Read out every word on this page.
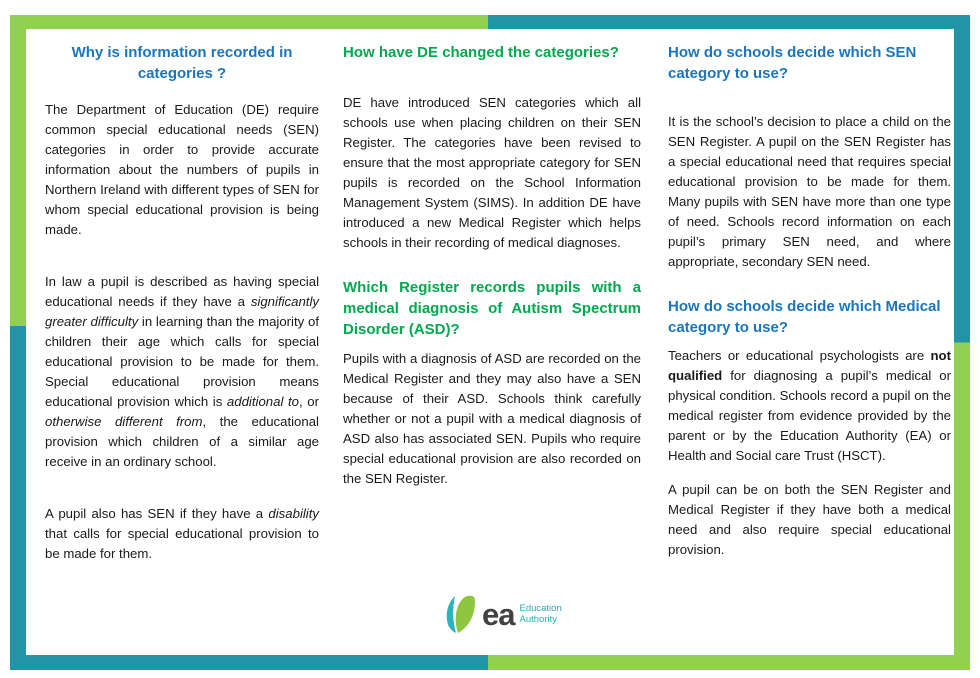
Why is information recorded in categories ?

The Department of Education (DE) require common special educational needs (SEN) categories in order to provide accurate information about the numbers of pupils in Northern Ireland with different types of SEN for whom special educational provision is being made.

In law a pupil is described as having special educational needs if they have a significantly greater difficulty in learning than the majority of children their age which calls for special educational provision to be made for them. Special educational provision means educational provision which is additional to, or otherwise different from, the educational provision which children of a similar age receive in an ordinary school.

A pupil also has SEN if they have a disability that calls for special educational provision to be made for them.

How have DE changed the categories?

DE have introduced SEN categories which all schools use when placing children on their SEN Register. The categories have been revised to ensure that the most appropriate category for SEN pupils is recorded on the School Information Management System (SIMS). In addition DE have introduced a new Medical Register which helps schools in their recording of medical diagnoses.

Which Register records pupils with a medical diagnosis of Autism Spectrum Disorder (ASD)?

Pupils with a diagnosis of ASD are recorded on the Medical Register and they may also have a SEN because of their ASD. Schools think carefully whether or not a pupil with a medical diagnosis of ASD also has associated SEN. Pupils who require special educational provision are also recorded on the SEN Register.

How do schools decide which SEN category to use?

It is the school’s decision to place a child on the SEN Register. A pupil on the SEN Register has a special educational need that requires special educational provision to be made for them. Many pupils with SEN have more than one type of need. Schools record information on each pupil’s primary SEN need, and where appropriate, secondary SEN need.

How do schools decide which Medical category to use?

Teachers or educational psychologists are not qualified for diagnosing a pupil’s medical or physical condition. Schools record a pupil on the medical register from evidence provided by the parent or by the Education Authority (EA) or Health and Social care Trust (HSCT).

A pupil can be on both the SEN Register and Medical Register if they have both a medical need and also require special educational provision.

ea Education
Authority
